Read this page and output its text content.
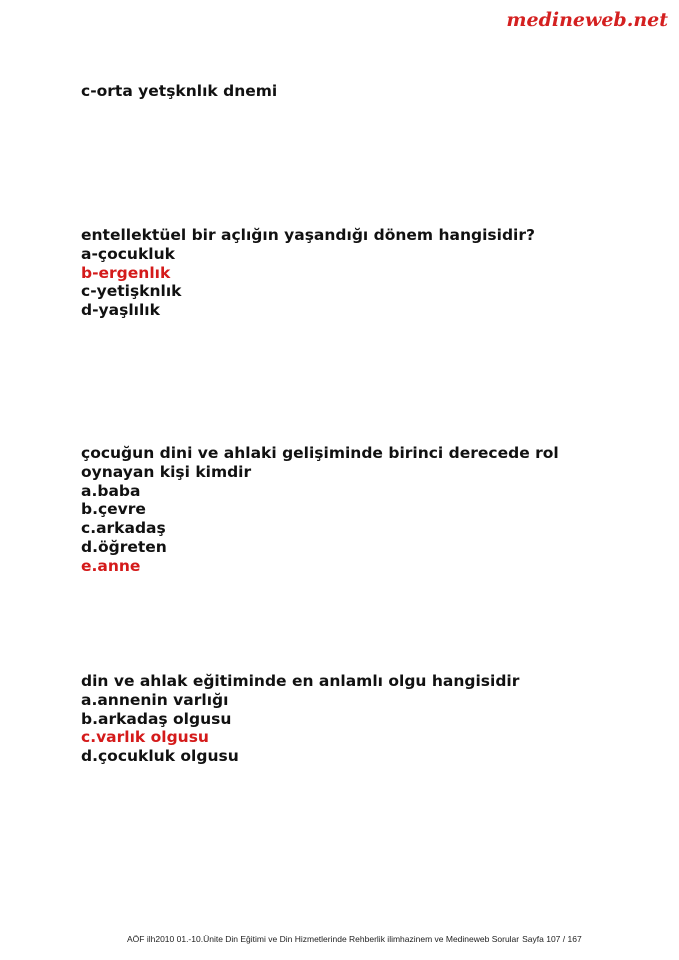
medineweb.net
c-orta yetşknlık dnemi
entellektüel bir açlığın yaşandığı dönem hangisidir?
a-çocukluk
b-ergenlık
c-yetişknlık
d-yaşlılık
çocuğun dini ve ahlaki gelişiminde birinci derecede rol
oynayan kişi kimdir
a.baba
b.çevre
c.arkadaş
d.öğreten
e.anne
din ve ahlak eğitiminde en anlamlı olgu hangisidir
a.annenin varlığı
b.arkadaş olgusu
c.varlık olgusu
d.çocukluk olgusu
AÖF ilh2010 01.-10.Ünite Din Eğitimi ve Din Hizmetlerinde Rehberlik ilimhazinem ve Medineweb Sorular Sayfa 107 / 167
